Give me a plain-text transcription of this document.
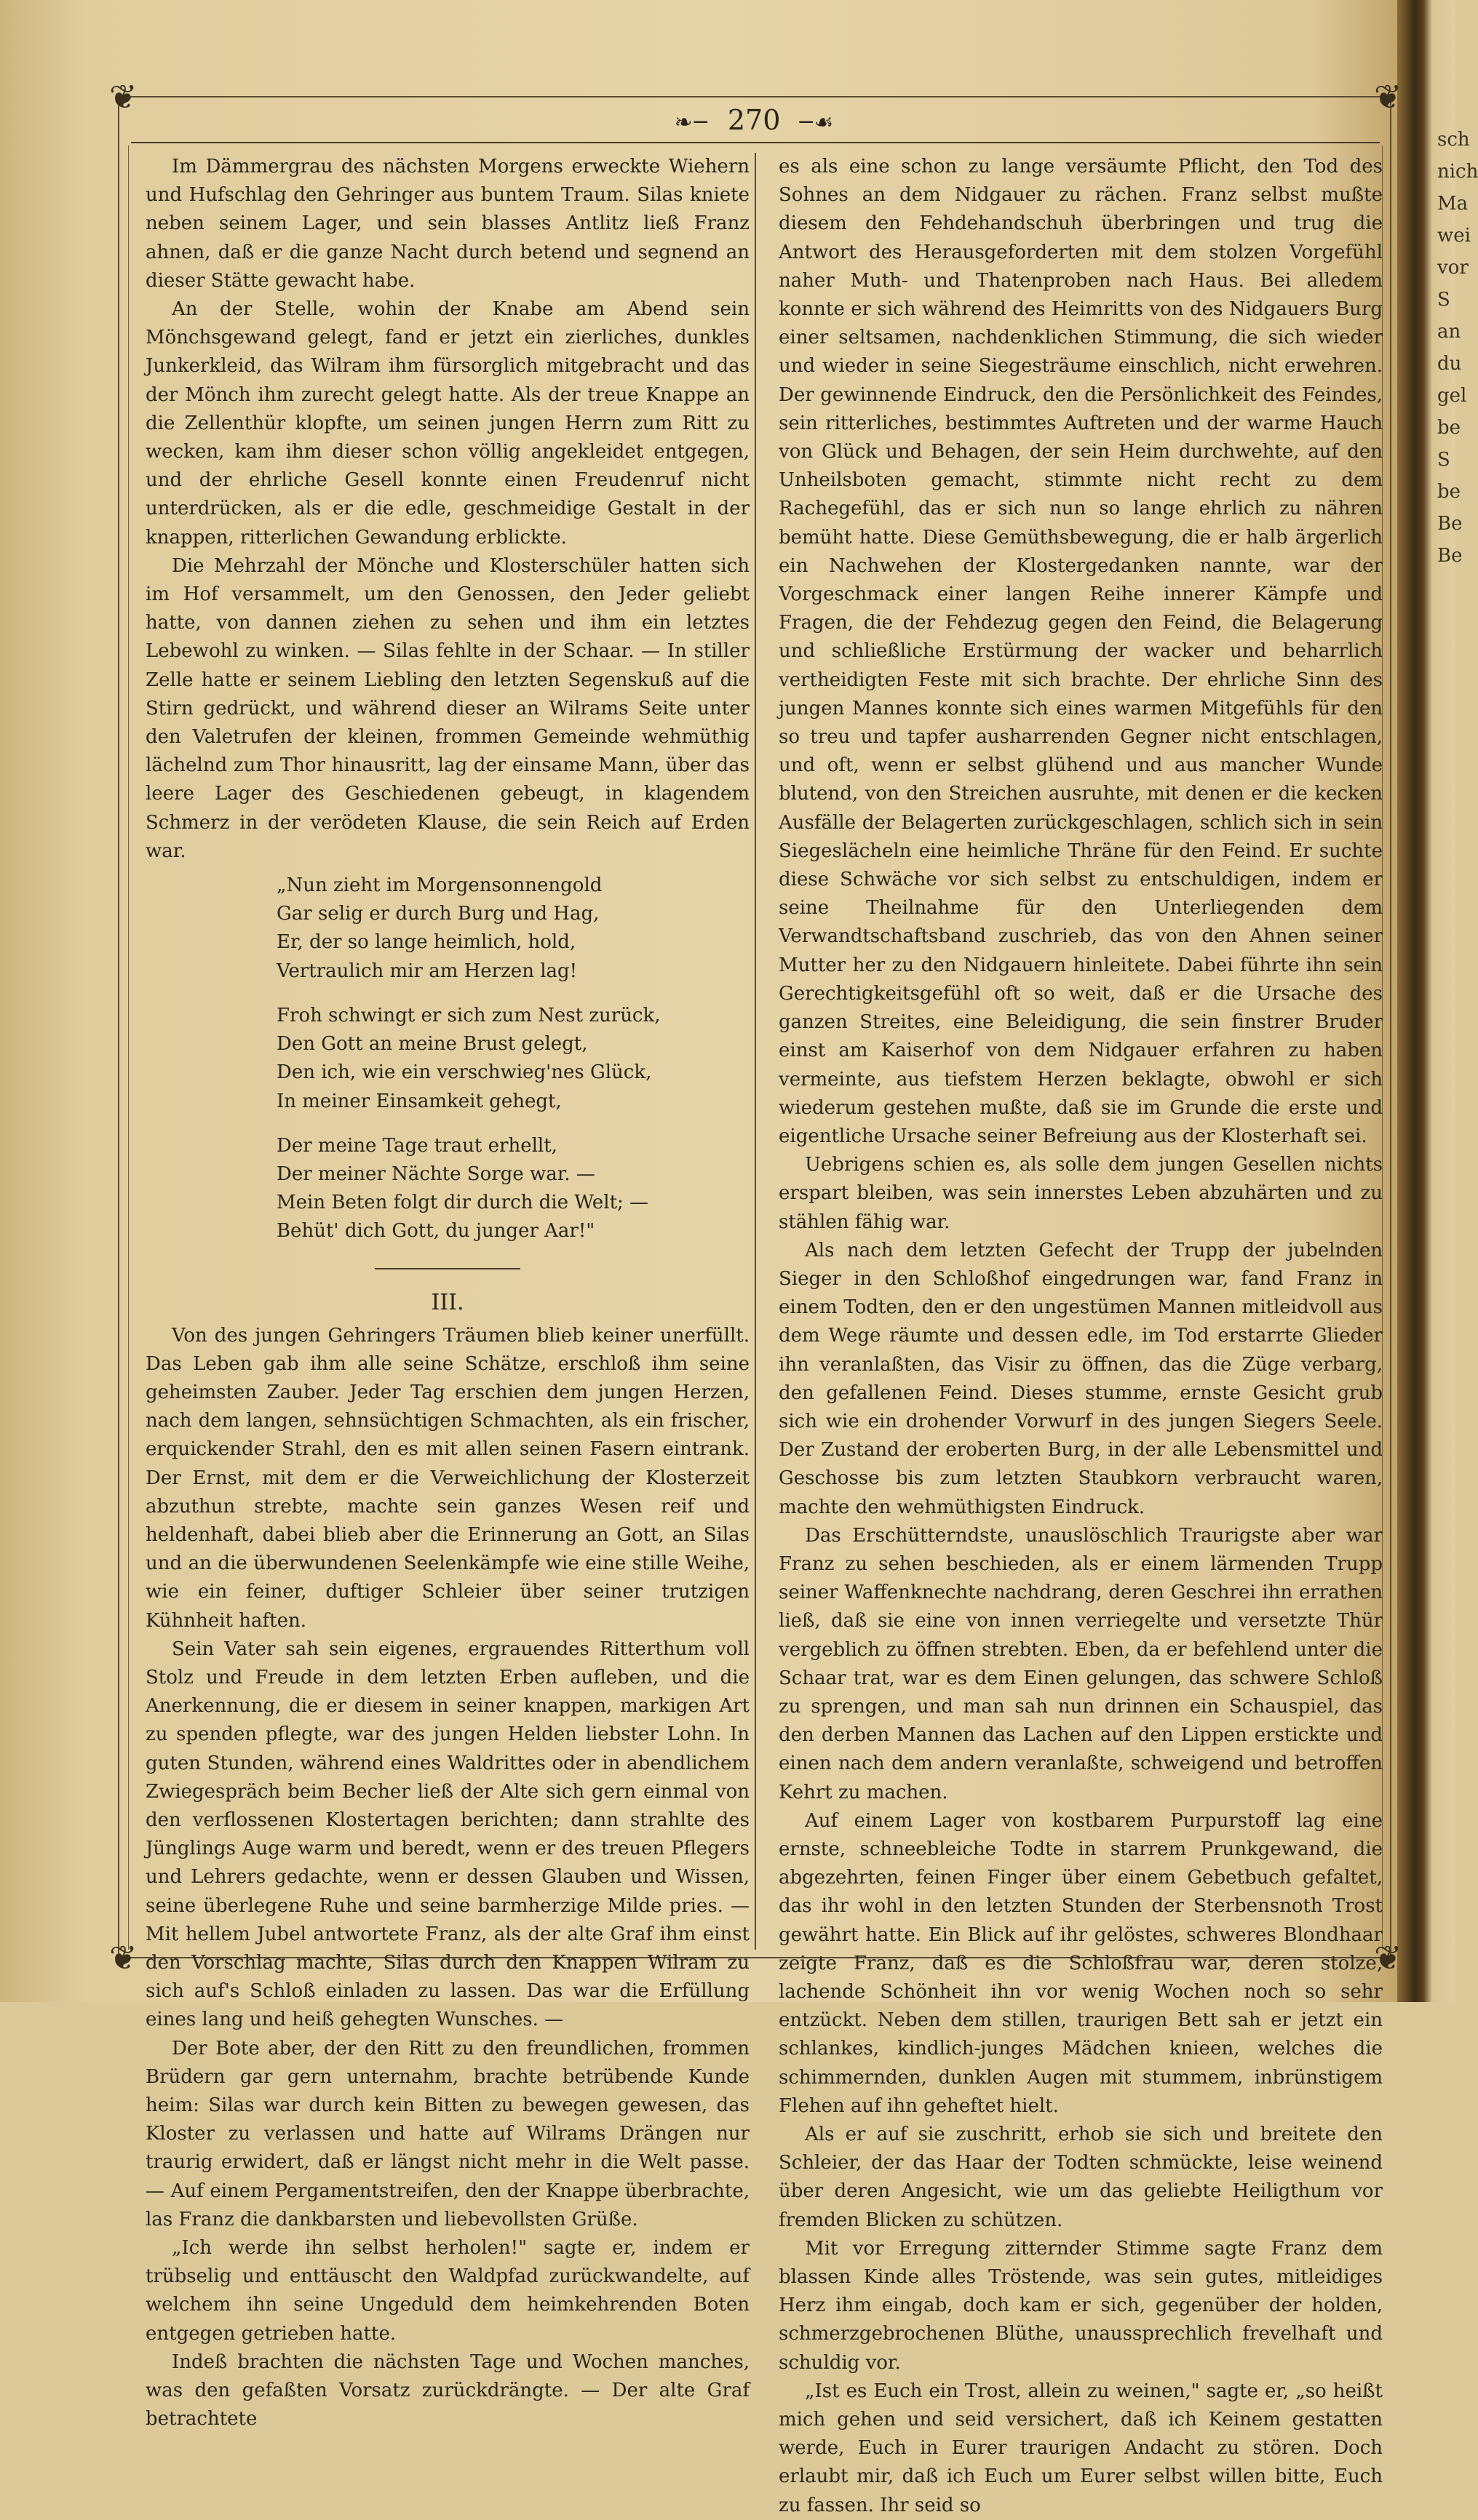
sch
nich
Ma
wei
vor
S
an
du
gel
be
S
be
Be
Be
❦	❦
❦	❦
❧─ 270 ─☙

Im Dämmergrau des nächsten Morgens erweckte Wiehern und Hufschlag den Gehringer aus buntem Traum. Silas kniete neben seinem Lager, und sein blasses Antlitz ließ Franz ahnen, daß er die ganze Nacht durch betend und segnend an dieser Stätte gewacht habe.

An der Stelle, wohin der Knabe am Abend sein Mönchsgewand gelegt, fand er jetzt ein zierliches, dunkles Junkerkleid, das Wilram ihm fürsorglich mitgebracht und das der Mönch ihm zurecht gelegt hatte. Als der treue Knappe an die Zellenthür klopfte, um seinen jungen Herrn zum Ritt zu wecken, kam ihm dieser schon völlig angekleidet entgegen, und der ehrliche Gesell konnte einen Freudenruf nicht unterdrücken, als er die edle, geschmeidige Gestalt in der knappen, ritterlichen Gewandung erblickte.

Die Mehrzahl der Mönche und Klosterschüler hatten sich im Hof versammelt, um den Genossen, den Jeder geliebt hatte, von dannen ziehen zu sehen und ihm ein letztes Lebewohl zu winken. — Silas fehlte in der Schaar. — In stiller Zelle hatte er seinem Liebling den letzten Segenskuß auf die Stirn gedrückt, und während dieser an Wilrams Seite unter den Valetrufen der kleinen, frommen Gemeinde wehmüthig lächelnd zum Thor hinausritt, lag der einsame Mann, über das leere Lager des Geschiedenen gebeugt, in klagendem Schmerz in der verödeten Klause, die sein Reich auf Erden war.

„Nun zieht im Morgensonnengold
Gar selig er durch Burg und Hag,
Er, der so lange heimlich, hold,
Vertraulich mir am Herzen lag!
Froh schwingt er sich zum Nest zurück,
Den Gott an meine Brust gelegt,
Den ich, wie ein verschwieg'nes Glück,
In meiner Einsamkeit gehegt,
Der meine Tage traut erhellt,
Der meiner Nächte Sorge war. —
Mein Beten folgt dir durch die Welt; —
Behüt' dich Gott, du junger Aar!"
III.

Von des jungen Gehringers Träumen blieb keiner unerfüllt. Das Leben gab ihm alle seine Schätze, erschloß ihm seine geheimsten Zauber. Jeder Tag erschien dem jungen Herzen, nach dem langen, sehnsüchtigen Schmachten, als ein frischer, erquickender Strahl, den es mit allen seinen Fasern eintrank. Der Ernst, mit dem er die Verweichlichung der Klosterzeit abzuthun strebte, machte sein ganzes Wesen reif und heldenhaft, dabei blieb aber die Erinnerung an Gott, an Silas und an die überwundenen Seelenkämpfe wie eine stille Weihe, wie ein feiner, duftiger Schleier über seiner trutzigen Kühnheit haften.

Sein Vater sah sein eigenes, ergrauendes Ritterthum voll Stolz und Freude in dem letzten Erben aufleben, und die Anerkennung, die er diesem in seiner knappen, markigen Art zu spenden pflegte, war des jungen Helden liebster Lohn. In guten Stunden, während eines Waldrittes oder in abendlichem Zwiegespräch beim Becher ließ der Alte sich gern einmal von den verflossenen Klostertagen berichten; dann strahlte des Jünglings Auge warm und beredt, wenn er des treuen Pflegers und Lehrers gedachte, wenn er dessen Glauben und Wissen, seine überlegene Ruhe und seine barmherzige Milde pries. — Mit hellem Jubel antwortete Franz, als der alte Graf ihm einst den Vorschlag machte, Silas durch den Knappen Wilram zu sich auf's Schloß einladen zu lassen. Das war die Erfüllung eines lang und heiß gehegten Wunsches. —

Der Bote aber, der den Ritt zu den freundlichen, frommen Brüdern gar gern unternahm, brachte betrübende Kunde heim: Silas war durch kein Bitten zu bewegen gewesen, das Kloster zu verlassen und hatte auf Wilrams Drängen nur traurig erwidert, daß er längst nicht mehr in die Welt passe. — Auf einem Pergamentstreifen, den der Knappe überbrachte, las Franz die dankbarsten und liebevollsten Grüße.

„Ich werde ihn selbst herholen!" sagte er, indem er trübselig und enttäuscht den Waldpfad zurückwandelte, auf welchem ihn seine Ungeduld dem heimkehrenden Boten entgegen getrieben hatte.

Indeß brachten die nächsten Tage und Wochen manches, was den gefaßten Vorsatz zurückdrängte. — Der alte Graf betrachtete

es als eine schon zu lange versäumte Pflicht, den Tod des Sohnes an dem Nidgauer zu rächen. Franz selbst mußte diesem den Fehdehandschuh überbringen und trug die Antwort des Herausgeforderten mit dem stolzen Vorgefühl naher Muth- und Thatenproben nach Haus. Bei alledem konnte er sich während des Heimritts von des Nidgauers Burg einer seltsamen, nachdenklichen Stimmung, die sich wieder und wieder in seine Siegesträume einschlich, nicht erwehren. Der gewinnende Eindruck, den die Persönlichkeit des Feindes, sein ritterliches, bestimmtes Auftreten und der warme Hauch von Glück und Behagen, der sein Heim durchwehte, auf den Unheilsboten gemacht, stimmte nicht recht zu dem Rachegefühl, das er sich nun so lange ehrlich zu nähren bemüht hatte. Diese Gemüthsbewegung, die er halb ärgerlich ein Nachwehen der Klostergedanken nannte, war der Vorgeschmack einer langen Reihe innerer Kämpfe und Fragen, die der Fehdezug gegen den Feind, die Belagerung und schließliche Erstürmung der wacker und beharrlich vertheidigten Feste mit sich brachte. Der ehrliche Sinn des jungen Mannes konnte sich eines warmen Mitgefühls für den so treu und tapfer ausharrenden Gegner nicht entschlagen, und oft, wenn er selbst glühend und aus mancher Wunde blutend, von den Streichen ausruhte, mit denen er die kecken Ausfälle der Belagerten zurückgeschlagen, schlich sich in sein Siegeslächeln eine heimliche Thräne für den Feind. Er suchte diese Schwäche vor sich selbst zu entschuldigen, indem er seine Theilnahme für den Unterliegenden dem Verwandtschaftsband zuschrieb, das von den Ahnen seiner Mutter her zu den Nidgauern hinleitete. Dabei führte ihn sein Gerechtigkeitsgefühl oft so weit, daß er die Ursache des ganzen Streites, eine Beleidigung, die sein finstrer Bruder einst am Kaiserhof von dem Nidgauer erfahren zu haben vermeinte, aus tiefstem Herzen beklagte, obwohl er sich wiederum gestehen mußte, daß sie im Grunde die erste und eigentliche Ursache seiner Befreiung aus der Klosterhaft sei.

Uebrigens schien es, als solle dem jungen Gesellen nichts erspart bleiben, was sein innerstes Leben abzuhärten und zu stählen fähig war.

Als nach dem letzten Gefecht der Trupp der jubelnden Sieger in den Schloßhof eingedrungen war, fand Franz in einem Todten, den er den ungestümen Mannen mitleidvoll aus dem Wege räumte und dessen edle, im Tod erstarrte Glieder ihn veranlaßten, das Visir zu öffnen, das die Züge verbarg, den gefallenen Feind. Dieses stumme, ernste Gesicht grub sich wie ein drohender Vorwurf in des jungen Siegers Seele. Der Zustand der eroberten Burg, in der alle Lebensmittel und Geschosse bis zum letzten Staubkorn verbraucht waren, machte den wehmüthigsten Eindruck.

Das Erschütterndste, unauslöschlich Traurigste aber war Franz zu sehen beschieden, als er einem lärmenden Trupp seiner Waffenknechte nachdrang, deren Geschrei ihn errathen ließ, daß sie eine von innen verriegelte und versetzte Thür vergeblich zu öffnen strebten. Eben, da er befehlend unter die Schaar trat, war es dem Einen gelungen, das schwere Schloß zu sprengen, und man sah nun drinnen ein Schauspiel, das den derben Mannen das Lachen auf den Lippen erstickte und einen nach dem andern veranlaßte, schweigend und betroffen Kehrt zu machen.

Auf einem Lager von kostbarem Purpurstoff lag eine ernste, schneebleiche Todte in starrem Prunkgewand, die abgezehrten, feinen Finger über einem Gebetbuch gefaltet, das ihr wohl in den letzten Stunden der Sterbensnoth Trost gewährt hatte. Ein Blick auf ihr gelöstes, schweres Blondhaar zeigte Franz, daß es die Schloßfrau war, deren stolze, lachende Schönheit ihn vor wenig Wochen noch so sehr entzückt. Neben dem stillen, traurigen Bett sah er jetzt ein schlankes, kindlich-junges Mädchen knieen, welches die schimmernden, dunklen Augen mit stummem, inbrünstigem Flehen auf ihn geheftet hielt.

Als er auf sie zuschritt, erhob sie sich und breitete den Schleier, der das Haar der Todten schmückte, leise weinend über deren Angesicht, wie um das geliebte Heiligthum vor fremden Blicken zu schützen.

Mit vor Erregung zitternder Stimme sagte Franz dem blassen Kinde alles Tröstende, was sein gutes, mitleidiges Herz ihm eingab, doch kam er sich, gegenüber der holden, schmerzgebrochenen Blüthe, unaussprechlich frevelhaft und schuldig vor.

„Ist es Euch ein Trost, allein zu weinen," sagte er, „so heißt mich gehen und seid versichert, daß ich Keinem gestatten werde, Euch in Eurer traurigen Andacht zu stören. Doch erlaubt mir, daß ich Euch um Eurer selbst willen bitte, Euch zu fassen. Ihr seid so
